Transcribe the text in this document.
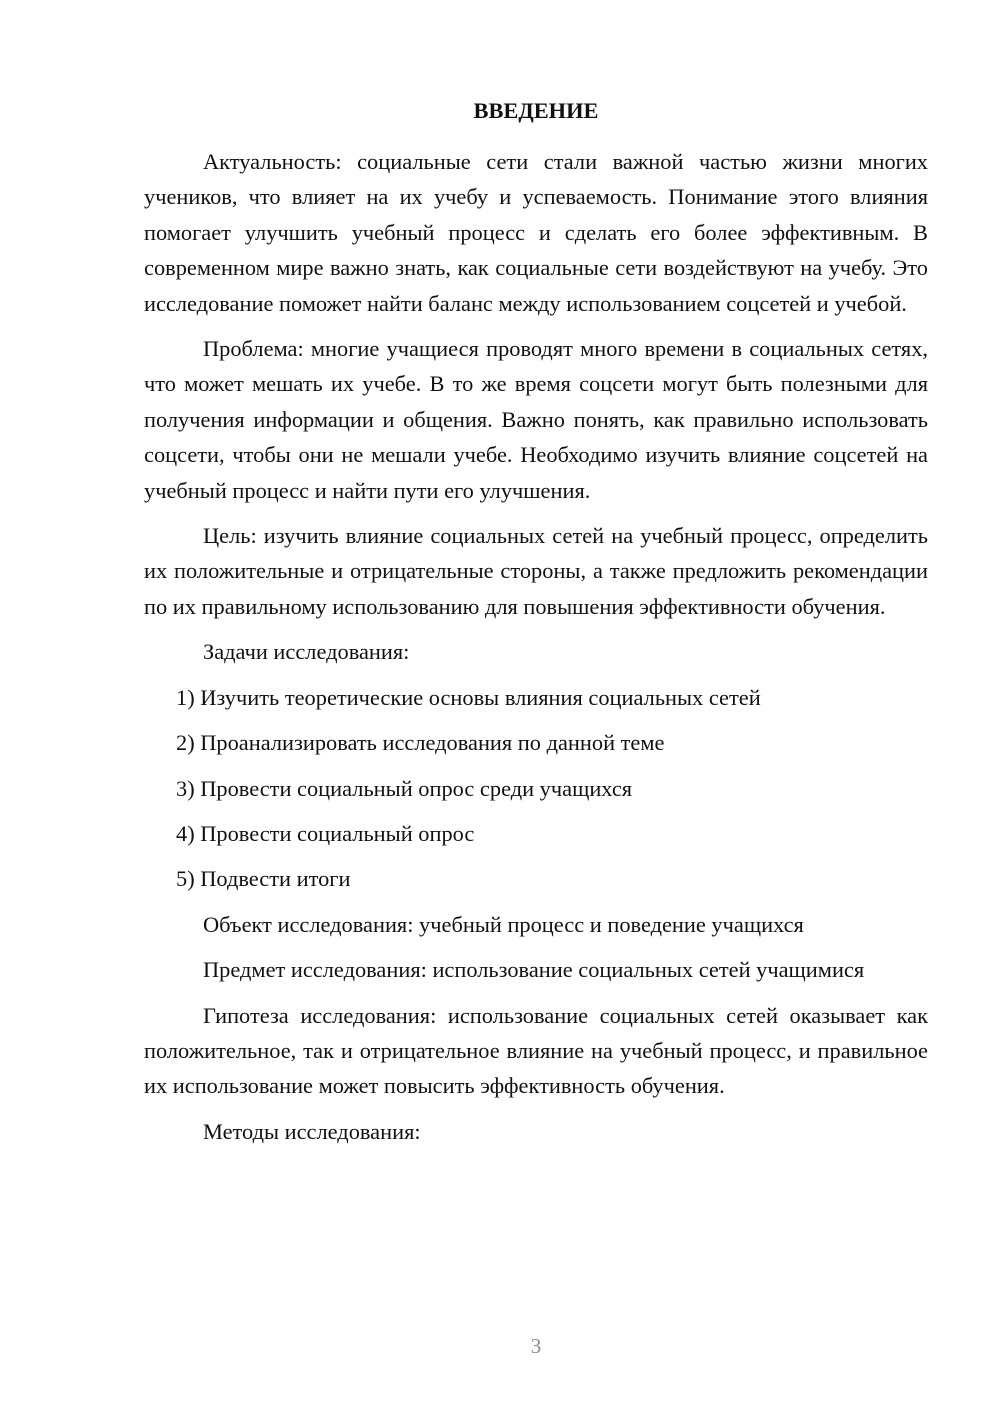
ВВЕДЕНИЕ

Актуальность: социальные сети стали важной частью жизни многих учеников, что влияет на их учебу и успеваемость. Понимание этого влияния помогает улучшить учебный процесс и сделать его более эффективным. В современном мире важно знать, как социальные сети воздействуют на учебу. Это исследование поможет найти баланс между использованием соцсетей и учебой.

Проблема: многие учащиеся проводят много времени в социальных сетях, что может мешать их учебе. В то же время соцсети могут быть полезными для получения информации и общения. Важно понять, как правильно использовать соцсети, чтобы они не мешали учебе. Необходимо изучить влияние соцсетей на учебный процесс и найти пути его улучшения.

Цель: изучить влияние социальных сетей на учебный процесс, определить их положительные и отрицательные стороны, а также предложить рекомендации по их правильному использованию для повышения эффективности обучения.

Задачи исследования:

1) Изучить теоретические основы влияния социальных сетей
2) Проанализировать исследования по данной теме
3) Провести социальный опрос среди учащихся
4) Провести социальный опрос
5) Подвести итоги

Объект исследования: учебный процесс и поведение учащихся

Предмет исследования: использование социальных сетей учащимися

Гипотеза исследования: использование социальных сетей оказывает как положительное, так и отрицательное влияние на учебный процесс, и правильное их использование может повысить эффективность обучения.

Методы исследования:

3
